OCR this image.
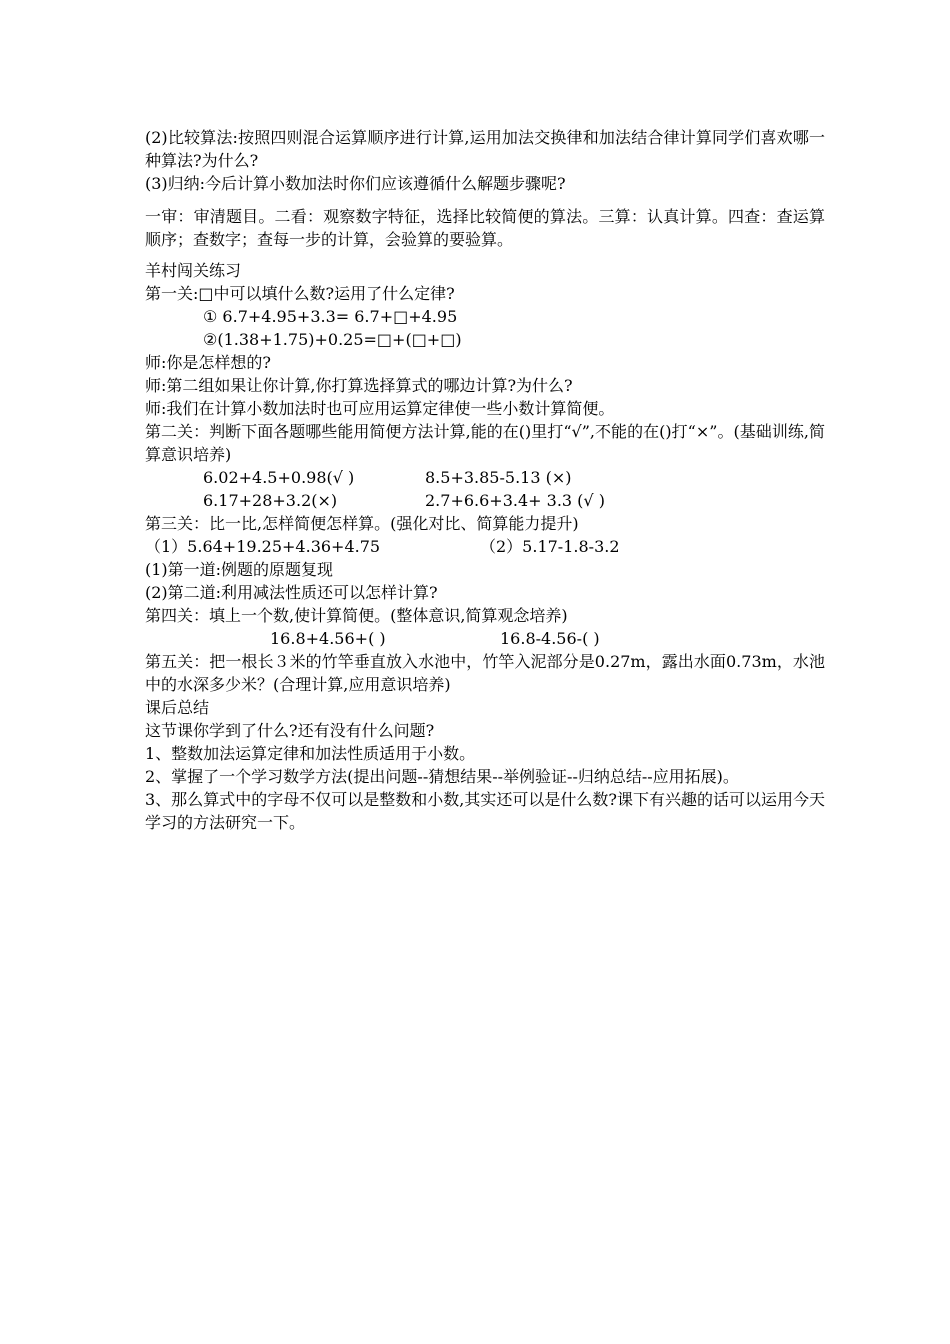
(2)比较算法:按照四则混合运算顺序进行计算,运用加法交换律和加法结合律计算同学们喜欢哪一种算法?为什么?

(3)归纳:今后计算小数加法时你们应该遵循什么解题步骤呢?

一审：审清题目。二看：观察数字特征，选择比较简便的算法。三算：认真计算。四查：查运算顺序；查数字；查每一步的计算，会验算的要验算。

羊村闯关练习

第一关:□中可以填什么数?运用了什么定律?

① 6.7+4.95+3.3= 6.7+□+4.95

②(1.38+1.75)+0.25=□+(□+□)

师:你是怎样想的?

师:第二组如果让你计算,你打算选择算式的哪边计算?为什么?

师:我们在计算小数加法时也可应用运算定律使一些小数计算简便。

第二关：判断下面各题哪些能用简便方法计算,能的在()里打“√”,不能的在()打“×”。(基础训练,简算意识培养)

6.02+4.5+0.98(√ )	8.5+3.85-5.13 (×)
6.17+28+3.2(×)	2.7+6.6+3.4+ 3.3 (√ )

第三关：比一比,怎样简便怎样算。(强化对比、简算能力提升)

（1）5.64+19.25+4.36+4.75	（2）5.17-1.8-3.2

(1)第一道:例题的原题复现

(2)第二道:利用减法性质还可以怎样计算?

第四关：填上一个数,使计算简便。(整体意识,简算观念培养)

16.8+4.56+( )	16.8-4.56-( )

第五关：把一根长３米的竹竿垂直放入水池中，竹竿入泥部分是0.27m，露出水面0.73m，水池中的水深多少米？(合理计算,应用意识培养)

课后总结

这节课你学到了什么?还有没有什么问题?

1、整数加法运算定律和加法性质适用于小数。

2、掌握了一个学习数学方法(提出问题--猜想结果--举例验证--归纳总结--应用拓展)。

3、那么算式中的字母不仅可以是整数和小数,其实还可以是什么数?课下有兴趣的话可以运用今天学习的方法研究一下。
